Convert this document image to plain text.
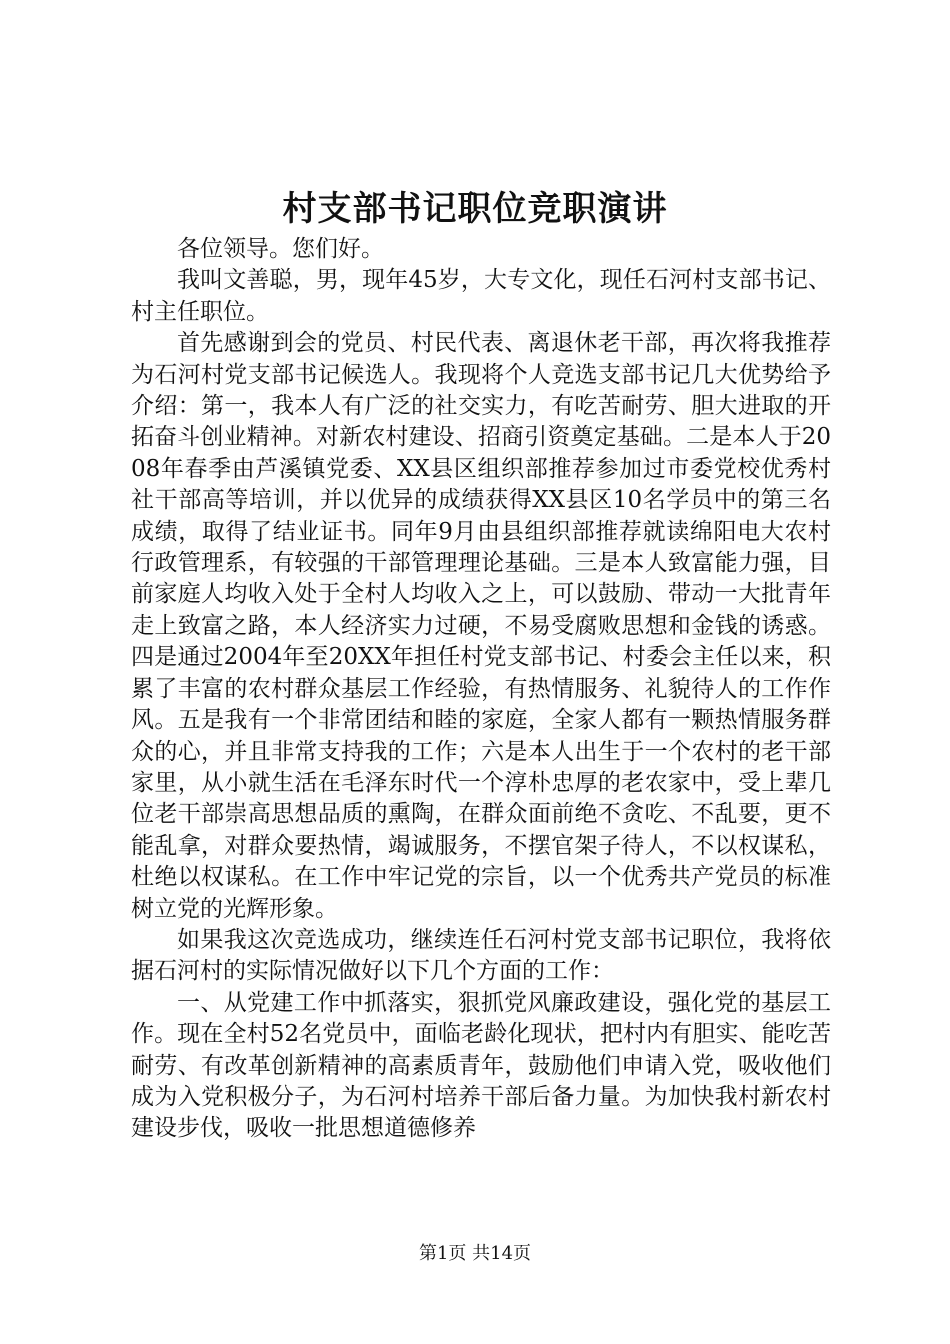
村支部书记职位竞职演讲

各位领导。您们好。

我叫文善聪，男，现年45岁，大专文化，现任石河村支部书记、村主任职位。

首先感谢到会的党员、村民代表、离退休老干部，再次将我推荐为石河村党支部书记候选人。我现将个人竞选支部书记几大优势给予介绍：第一，我本人有广泛的社交实力，有吃苦耐劳、胆大进取的开拓奋斗创业精神。对新农村建设、招商引资奠定基础。二是本人于2008年春季由芦溪镇党委、XX县区组织部推荐参加过市委党校优秀村社干部高等培训，并以优异的成绩获得XX县区10名学员中的第三名成绩，取得了结业证书。同年9月由县组织部推荐就读绵阳电大农村行政管理系，有较强的干部管理理论基础。三是本人致富能力强，目前家庭人均收入处于全村人均收入之上，可以鼓励、带动一大批青年走上致富之路，本人经济实力过硬，不易受腐败思想和金钱的诱惑。四是通过2004年至20XX年担任村党支部书记、村委会主任以来，积累了丰富的农村群众基层工作经验，有热情服务、礼貌待人的工作作风。五是我有一个非常团结和睦的家庭，全家人都有一颗热情服务群众的心，并且非常支持我的工作；六是本人出生于一个农村的老干部家里，从小就生活在毛泽东时代一个淳朴忠厚的老农家中，受上辈几位老干部崇高思想品质的熏陶，在群众面前绝不贪吃、不乱要，更不能乱拿，对群众要热情，竭诚服务，不摆官架子待人，不以权谋私，杜绝以权谋私。在工作中牢记党的宗旨，以一个优秀共产党员的标准树立党的光辉形象。

如果我这次竞选成功，继续连任石河村党支部书记职位，我将依据石河村的实际情况做好以下几个方面的工作：

一、从党建工作中抓落实，狠抓党风廉政建设，强化党的基层工作。现在全村52名党员中，面临老龄化现状，把村内有胆实、能吃苦耐劳、有改革创新精神的高素质青年，鼓励他们申请入党，吸收他们成为入党积极分子，为石河村培养干部后备力量。为加快我村新农村建设步伐，吸收一批思想道德修养

第1页 共14页
